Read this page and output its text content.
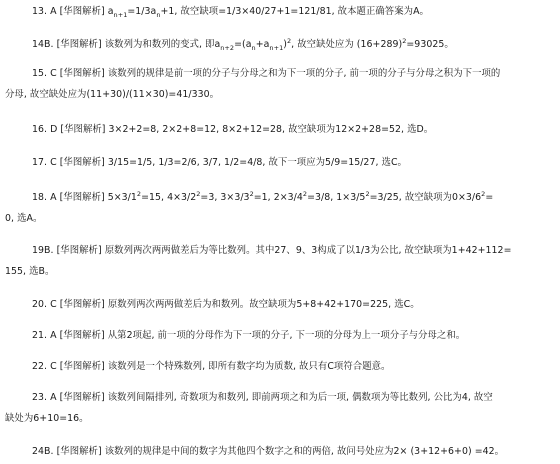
13. A [华图解析] $a_{n+1}=1/3a_n+1$, 故空缺项=1/3×40/27+1=121/81, 故本题正确答案为A。
14B. [华图解析] 该数列为和数列的变式, 即$a_{n+2}=(a_n+a_{n+1})^2$, 故空缺处应为 $(16+289)^2=93025$。
15. C [华图解析] 该数列的规律是前一项的分子与分母之和为下一项的分子, 前一项的分子与分母之积为下一项的
分母, 故空缺处应为(11+30)/(11×30)=41/330。
16. D [华图解析] 3×2+2=8, 2×2+8=12, 8×2+12=28, 故空缺项为12×2+28=52, 选D。
17. C [华图解析] 3/15=1/5, 1/3=2/6, 3/7, 1/2=4/8, 故下一项应为5/9=15/27, 选C。
18. A [华图解析] $5\times 3/1^2=15$, $4\times 3/2^2=3$, $3\times 3/3^2=1$, $2\times 3/4^2=3/8$, $1\times 3/5^2=3/25$, 故空缺项为$0\times 3/6^2=$
0, 选A。
19B. [华图解析] 原数列两次两两做差后为等比数列。其中27、9、3构成了以1/3为公比, 故空缺项为1+42+112=
155, 选B。
20. C [华图解析] 原数列两次两两做差后为和数列。故空缺项为5+8+42+170=225, 选C。
21. A [华图解析] 从第2项起, 前一项的分母作为下一项的分子, 下一项的分母为上一项分子与分母之和。
22. C [华图解析] 该数列是一个特殊数列, 即所有数字均为质数, 故只有C项符合题意。
23. A [华图解析] 该数列间隔排列, 奇数项为和数列, 即前两项之和为后一项, 偶数项为等比数列, 公比为4, 故空
缺处为6+10=16。
24B. [华图解析] 该数列的规律是中间的数字为其他四个数字之和的两倍, 故问号处应为2× (3+12+6+0) =42。
